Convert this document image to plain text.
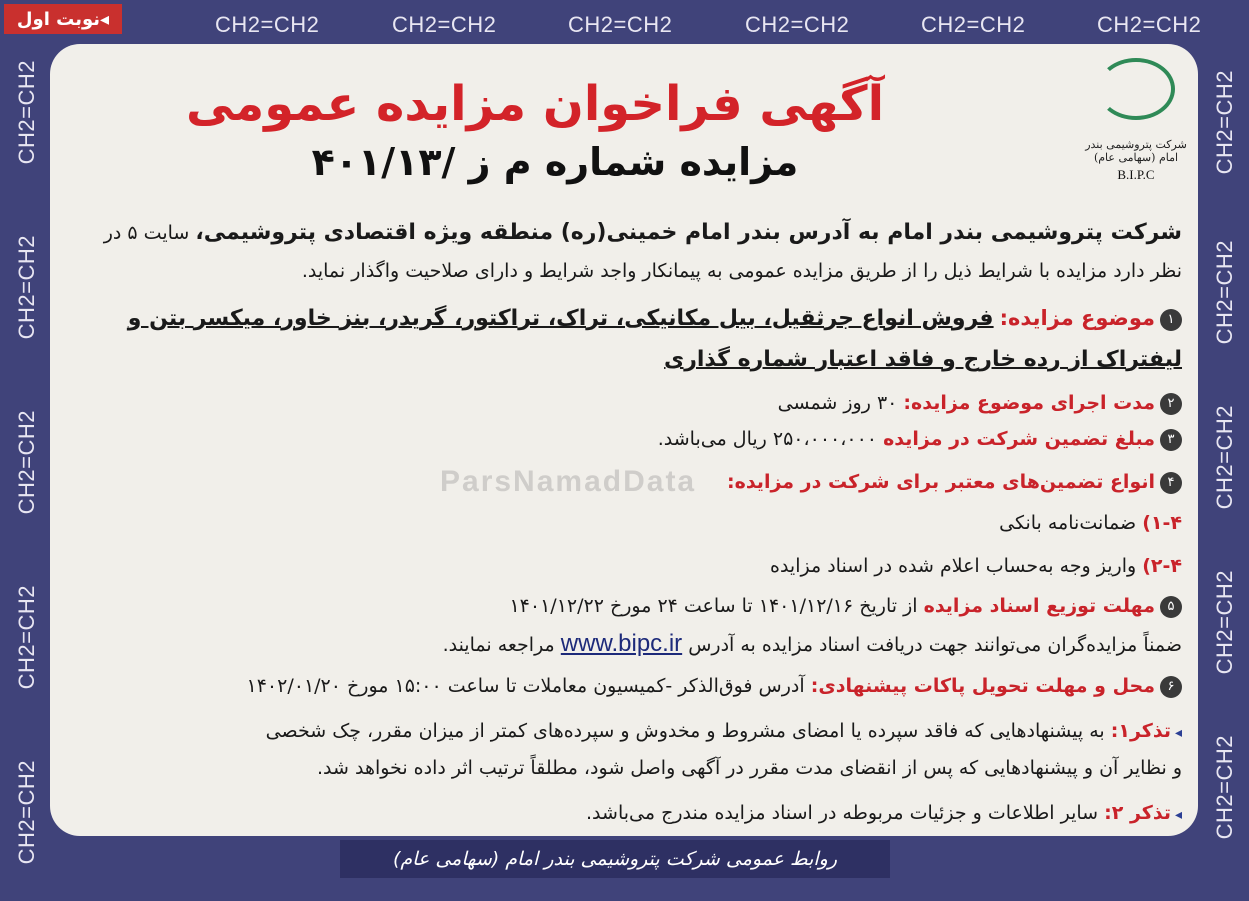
◂
نوبت اول	CH2=CH2	CH2=CH2	CH2=CH2	CH2=CH2	CH2=CH2	CH2=CH2
CH2=CH2
CH2=CH2
CH2=CH2
CH2=CH2
CH2=CH2
CH2=CH2
CH2=CH2
CH2=CH2
CH2=CH2
CH2=CH2
شرکت پتروشیمی بندر امام (سهامی عام)
B.I.P.C
آگهی فراخوان مزایده عمومی
مزایده شماره م ز /۴۰۱/۱۳
ParsNamadData
شرکت پتروشیمی بندر امام به آدرس بندر امام خمینی(ره) منطقه ویژه اقتصادی پتروشیمی، سایت ۵ در
نظر دارد مزایده با شرایط ذیل را از طریق مزایده عمومی به پیمانکار واجد شرایط و دارای صلاحیت واگذار نماید.
۱موضوع مزایده: فروش انواع جرثقیل، بیل مکانیکی، تراک، تراکتور، گریدر، بنز خاور، میکسر بتن و
لیفتراک از رده خارج و فاقد اعتبار شماره گذاری
۲مدت اجرای موضوع مزایده: ۳۰ روز شمسی
۳مبلغ تضمین شرکت در مزایده ۲۵۰،۰۰۰،۰۰۰ ریال می‌باشد.
۴انواع تضمین‌های معتبر برای شرکت در مزایده:
۱-۴) ضمانت‌نامه بانکی
۲-۴) واریز وجه به‌حساب اعلام شده در اسناد مزایده
۵مهلت توزیع اسناد مزایده از تاریخ ۱۴۰۱/۱۲/۱۶ تا ساعت ۲۴ مورخ ۱۴۰۱/۱۲/۲۲
ضمناً مزایده‌گران می‌توانند جهت دریافت اسناد مزایده به آدرس www.bipc.ir مراجعه نمایند.
۶محل و مهلت تحویل پاکات پیشنهادی: آدرس فوق‌الذکر -کمیسیون معاملات تا ساعت ۱۵:۰۰ مورخ ۱۴۰۲/۰۱/۲۰
◂تذکر۱: به پیشنهادهایی که فاقد سپرده یا امضای مشروط و مخدوش و سپرده‌های کمتر از میزان مقرر، چک شخصی
و نظایر آن و پیشنهادهایی که پس از انقضای مدت مقرر در آگهی واصل شود، مطلقاً ترتیب اثر داده نخواهد شد.
◂تذکر ۲: سایر اطلاعات و جزئیات مربوطه در اسناد مزایده مندرج می‌باشد.
روابط عمومی شرکت پتروشیمی بندر امام (سهامی عام)
